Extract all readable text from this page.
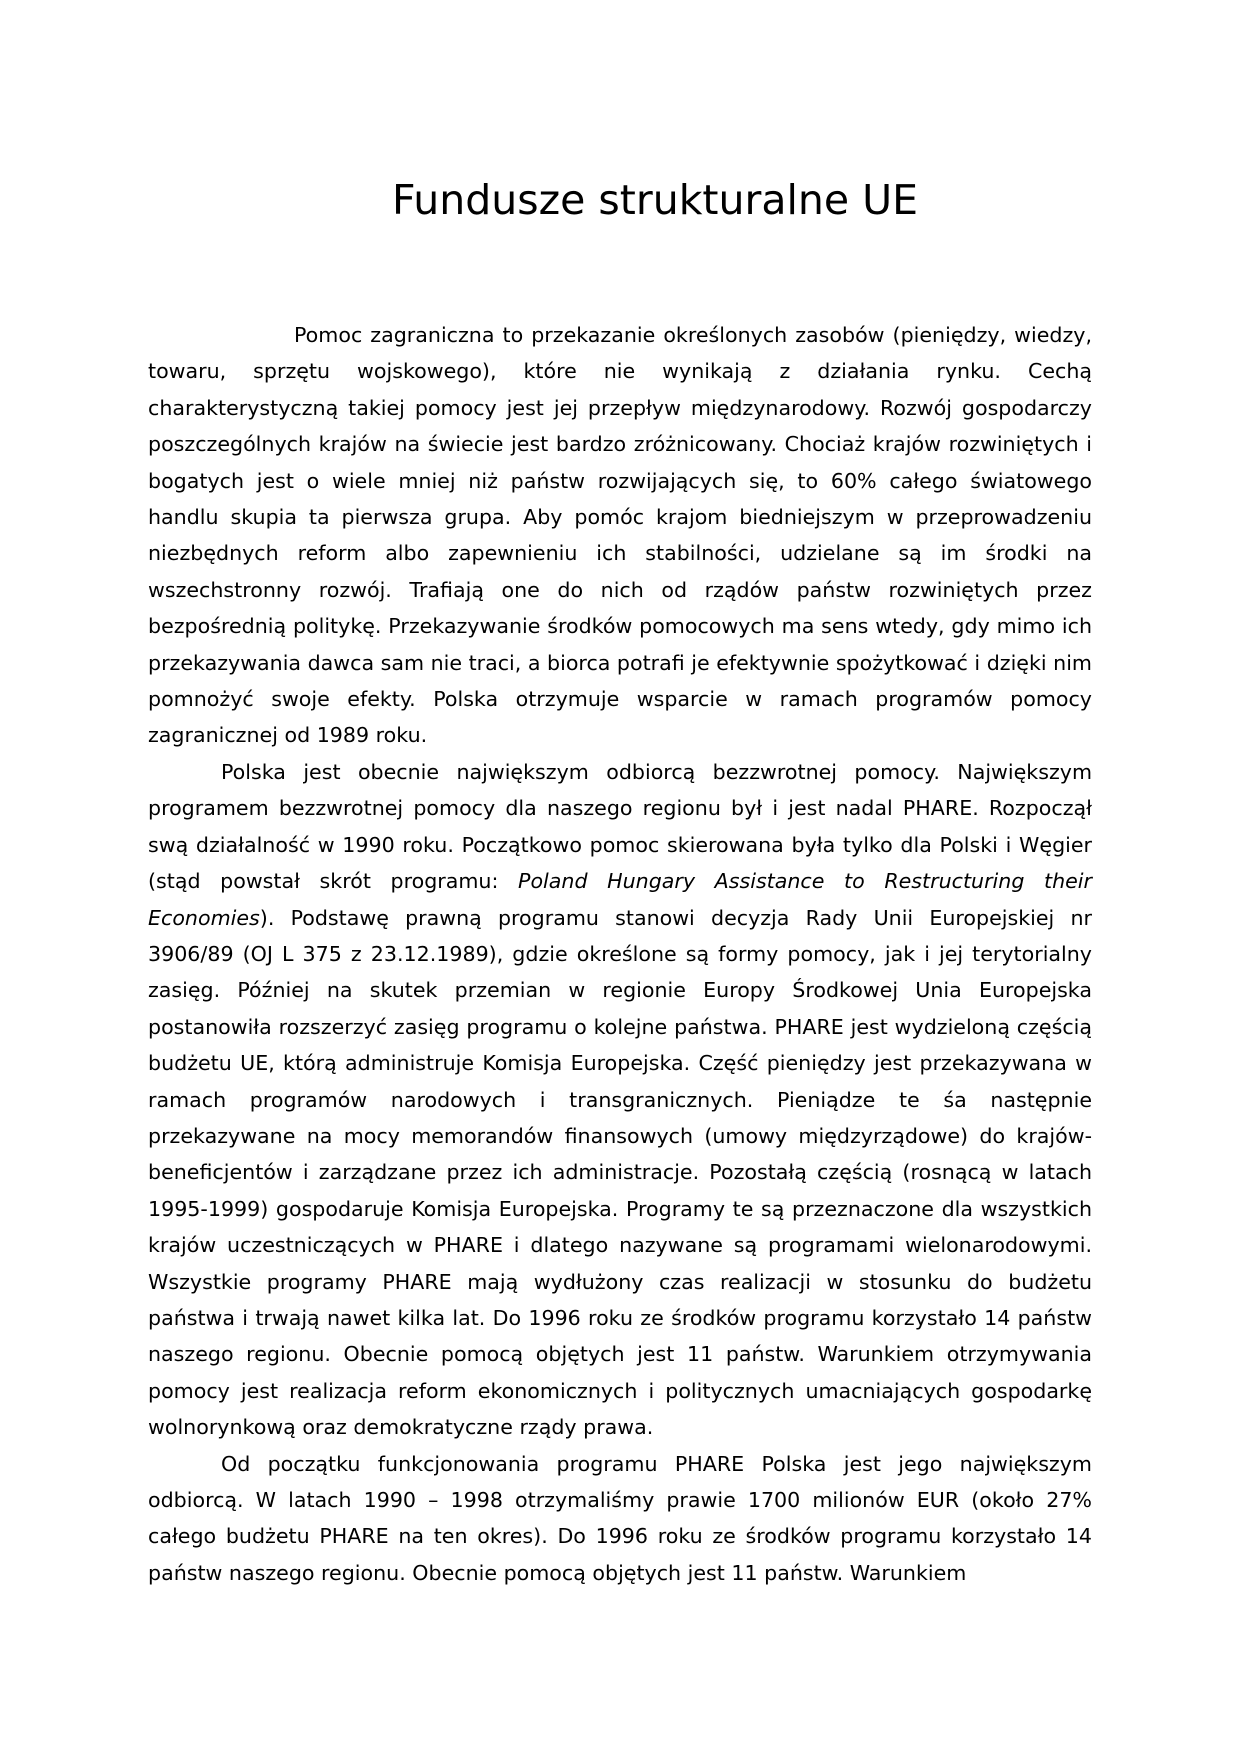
Fundusze strukturalne UE

Pomoc zagraniczna to przekazanie określonych zasobów (pieniędzy, wiedzy, towaru, sprzętu wojskowego), które nie wynikają z działania rynku. Cechą charakterystyczną takiej pomocy jest jej przepływ międzynarodowy. Rozwój gospodarczy poszczególnych krajów na świecie jest bardzo zróżnicowany. Chociaż krajów rozwiniętych i bogatych jest o wiele mniej niż państw rozwijających się, to 60% całego światowego handlu skupia ta pierwsza grupa. Aby pomóc krajom biedniejszym w przeprowadzeniu niezbędnych reform albo zapewnieniu ich stabilności, udzielane są im środki na wszechstronny rozwój. Trafiają one do nich od rządów państw rozwiniętych przez bezpośrednią politykę. Przekazywanie środków pomocowych ma sens wtedy, gdy mimo ich przekazywania dawca sam nie traci, a biorca potrafi je efektywnie spożytkować i dzięki nim pomnożyć swoje efekty. Polska otrzymuje wsparcie w ramach programów pomocy zagranicznej od 1989 roku.

Polska jest obecnie największym odbiorcą bezzwrotnej pomocy. Największym programem bezzwrotnej pomocy dla naszego regionu był i jest nadal PHARE. Rozpoczął swą działalność w 1990 roku. Początkowo pomoc skierowana była tylko dla Polski i Węgier (stąd powstał skrót programu: Poland Hungary Assistance to Restructuring their Economies). Podstawę prawną programu stanowi decyzja Rady Unii Europejskiej nr 3906/89 (OJ L 375 z 23.12.1989), gdzie określone są formy pomocy, jak i jej terytorialny zasięg. Później na skutek przemian w regionie Europy Środkowej Unia Europejska postanowiła rozszerzyć zasięg programu o kolejne państwa. PHARE jest wydzieloną częścią budżetu UE, którą administruje Komisja Europejska. Część pieniędzy jest przekazywana w ramach programów narodowych i transgranicznych. Pieniądze te śa następnie przekazywane na mocy memorandów finansowych (umowy międzyrządowe) do krajów-beneficjentów i zarządzane przez ich administracje. Pozostałą częścią (rosnącą w latach 1995-1999) gospodaruje Komisja Europejska. Programy te są przeznaczone dla wszystkich krajów uczestniczących w PHARE i dlatego nazywane są programami wielonarodowymi. Wszystkie programy PHARE mają wydłużony czas realizacji w stosunku do budżetu państwa i trwają nawet kilka lat. Do 1996 roku ze środków programu korzystało 14 państw naszego regionu. Obecnie pomocą objętych jest 11 państw. Warunkiem otrzymywania pomocy jest realizacja reform ekonomicznych i politycznych umacniających gospodarkę wolnorynkową oraz demokratyczne rządy prawa.

Od początku funkcjonowania programu PHARE Polska jest jego największym odbiorcą. W latach 1990 – 1998 otrzymaliśmy prawie 1700 milionów EUR (około 27% całego budżetu PHARE na ten okres). Do 1996 roku ze środków programu korzystało 14 państw naszego regionu. Obecnie pomocą objętych jest 11 państw. Warunkiem
